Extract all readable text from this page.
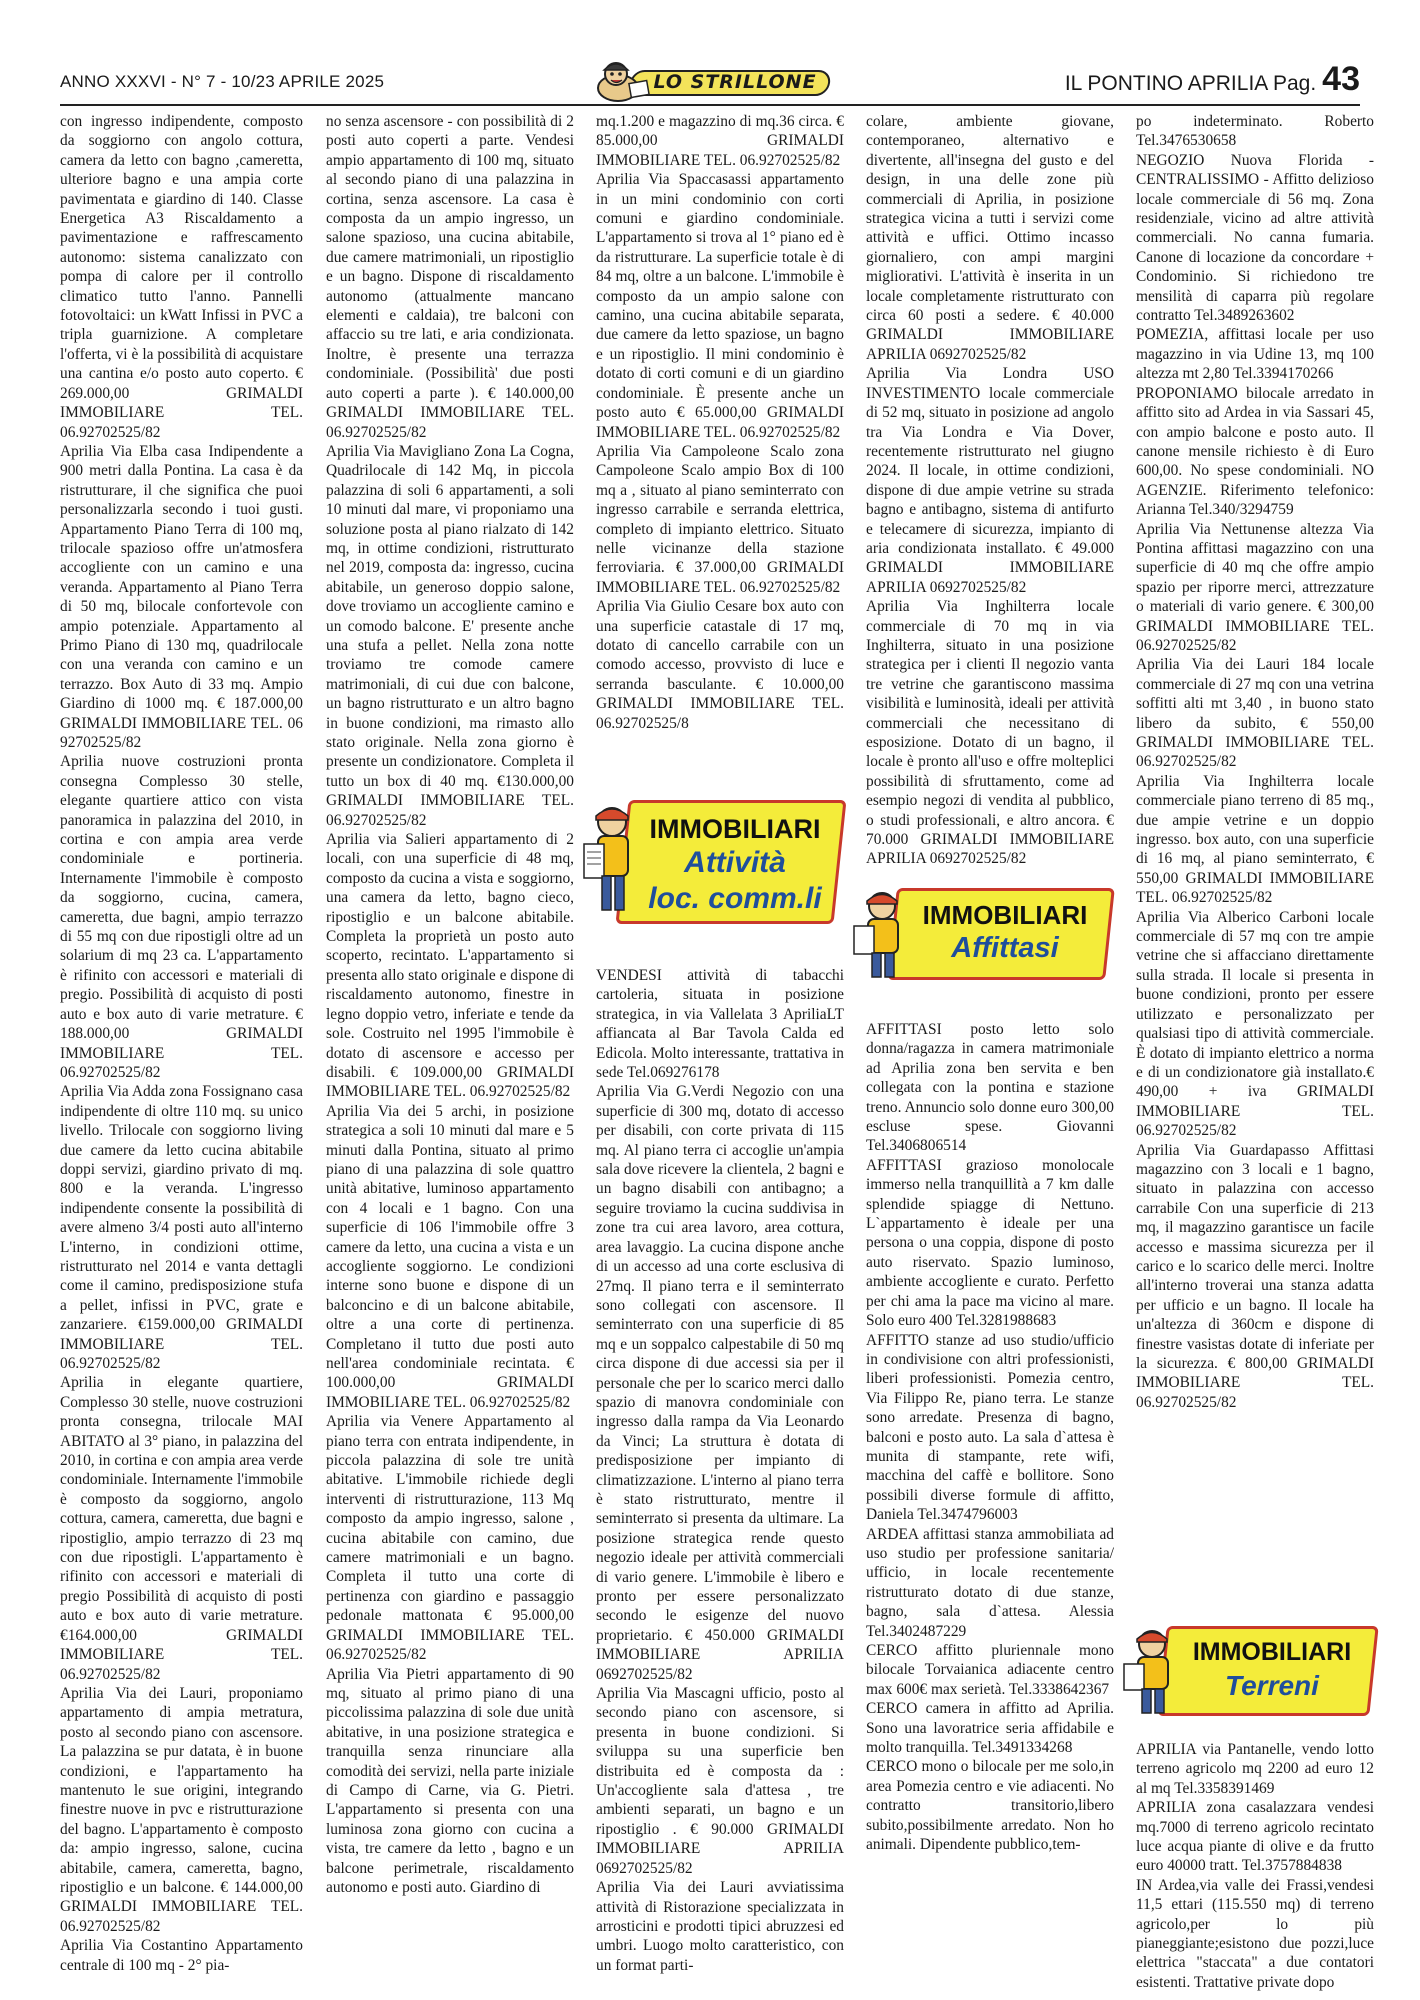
ANNO XXXVI - N° 7 - 10/23 APRILE 2025	LO STRILLONE	IL PONTINO APRILIA Pag. 43

con ingresso indipendente, composto da soggiorno con angolo cottura, camera da letto con bagno ,cameretta, ulteriore bagno e una ampia corte pavimentata e giardino di 140. Classe Energetica A3 Riscaldamento a pavimentazione e raffrescamento autonomo: sistema canalizzato con pompa di calore per il controllo climatico tutto l'anno. Pannelli fotovoltaici: un kWatt Infissi in PVC a tripla guarnizione. A completare l'offerta, vi è la possibilità di acquistare una cantina e/o posto auto coperto. € 269.000,00 GRIMALDI IMMOBILIARE TEL. 06.92702525/82

Aprilia Via Elba casa Indipendente a 900 metri dalla Pontina. La casa è da ristrutturare, il che significa che puoi personalizzarla secondo i tuoi gusti. Appartamento Piano Terra di 100 mq, trilocale spazioso offre un'atmosfera accogliente con un camino e una veranda. Appartamento al Piano Terra di 50 mq, bilocale confortevole con ampio potenziale. Appartamento al Primo Piano di 130 mq, quadrilocale con una veranda con camino e un terrazzo. Box Auto di 33 mq. Ampio Giardino di 1000 mq. € 187.000,00 GRIMALDI IMMOBILIARE TEL. 06 92702525/82

Aprilia nuove costruzioni pronta consegna Complesso 30 stelle, elegante quartiere attico con vista panoramica in palazzina del 2010, in cortina e con ampia area verde condominiale e portineria. Internamente l'immobile è composto da soggiorno, cucina, camera, cameretta, due bagni, ampio terrazzo di 55 mq con due ripostigli oltre ad un solarium di mq 23 ca. L'appartamento è rifinito con accessori e materiali di pregio. Possibilità di acquisto di posti auto e box auto di varie metrature. € 188.000,00 GRIMALDI IMMOBILIARE TEL. 06.92702525/82

Aprilia Via Adda zona Fossignano casa indipendente di oltre 110 mq. su unico livello. Trilocale con soggiorno living due camere da letto cucina abitabile doppi servizi, giardino privato di mq. 800 e la veranda. L'ingresso indipendente consente la possibilità di avere almeno 3/4 posti auto all'interno L'interno, in condizioni ottime, ristrutturato nel 2014 e vanta dettagli come il camino, predisposizione stufa a pellet, infissi in PVC, grate e zanzariere. €159.000,00 GRIMALDI IMMOBILIARE TEL. 06.92702525/82

Aprilia in elegante quartiere, Complesso 30 stelle, nuove costruzioni pronta consegna, trilocale MAI ABITATO al 3° piano, in palazzina del 2010, in cortina e con ampia area verde condominiale. Internamente l'immobile è composto da soggiorno, angolo cottura, camera, cameretta, due bagni e ripostiglio, ampio terrazzo di 23 mq con due ripostigli. L'appartamento è rifinito con accessori e materiali di pregio Possibilità di acquisto di posti auto e box auto di varie metrature. €164.000,00 GRIMALDI IMMOBILIARE TEL. 06.92702525/82

Aprilia Via dei Lauri, proponiamo appartamento di ampia metratura, posto al secondo piano con ascensore. La palazzina se pur datata, è in buone condizioni, e l'appartamento ha mantenuto le sue origini, integrando finestre nuove in pvc e ristrutturazione del bagno. L'appartamento è composto da: ampio ingresso, salone, cucina abitabile, camera, cameretta, bagno, ripostiglio e un balcone. € 144.000,00 GRIMALDI IMMOBILIARE TEL. 06.92702525/82

Aprilia Via Costantino Appartamento centrale di 100 mq - 2° pia-

no senza ascensore - con possibilità di 2 posti auto coperti a parte. Vendesi ampio appartamento di 100 mq, situato al secondo piano di una palazzina in cortina, senza ascensore. La casa è composta da un ampio ingresso, un salone spazioso, una cucina abitabile, due camere matrimoniali, un ripostiglio e un bagno. Dispone di riscaldamento autonomo (attualmente mancano elementi e caldaia), tre balconi con affaccio su tre lati, e aria condizionata. Inoltre, è presente una terrazza condominiale. (Possibilità' due posti auto coperti a parte ). € 140.000,00 GRIMALDI IMMOBILIARE TEL. 06.92702525/82

Aprilia Via Mavigliano Zona La Cogna, Quadrilocale di 142 Mq, in piccola palazzina di soli 6 appartamenti, a soli 10 minuti dal mare, vi proponiamo una soluzione posta al piano rialzato di 142 mq, in ottime condizioni, ristrutturato nel 2019, composta da: ingresso, cucina abitabile, un generoso doppio salone, dove troviamo un accogliente camino e un comodo balcone. E' presente anche una stufa a pellet. Nella zona notte troviamo tre comode camere matrimoniali, di cui due con balcone, un bagno ristrutturato e un altro bagno in buone condizioni, ma rimasto allo stato originale. Nella zona giorno è presente un condizionatore. Completa il tutto un box di 40 mq. €130.000,00 GRIMALDI IMMOBILIARE TEL. 06.92702525/82

Aprilia via Salieri appartamento di 2 locali, con una superficie di 48 mq, composto da cucina a vista e soggiorno, una camera da letto, bagno cieco, ripostiglio e un balcone abitabile. Completa la proprietà un posto auto scoperto, recintato. L'appartamento si presenta allo stato originale e dispone di riscaldamento autonomo, finestre in legno doppio vetro, inferiate e tende da sole. Costruito nel 1995 l'immobile è dotato di ascensore e accesso per disabili. € 109.000,00 GRIMALDI IMMOBILIARE TEL. 06.92702525/82

Aprilia Via dei 5 archi, in posizione strategica a soli 10 minuti dal mare e 5 minuti dalla Pontina, situato al primo piano di una palazzina di sole quattro unità abitative, luminoso appartamento con 4 locali e 1 bagno. Con una superficie di 106 l'immobile offre 3 camere da letto, una cucina a vista e un accogliente soggiorno. Le condizioni interne sono buone e dispone di un balconcino e di un balcone abitabile, oltre a una corte di pertinenza. Completano il tutto due posti auto nell'area condominiale recintata. € 100.000,00 GRIMALDI IMMOBILIARE TEL. 06.92702525/82

Aprilia via Venere Appartamento al piano terra con entrata indipendente, in piccola palazzina di sole tre unità abitative. L'immobile richiede degli interventi di ristrutturazione, 113 Mq composto da ampio ingresso, salone , cucina abitabile con camino, due camere matrimoniali e un bagno. Completa il tutto una corte di pertinenza con giardino e passaggio pedonale mattonata € 95.000,00 GRIMALDI IMMOBILIARE TEL. 06.92702525/82

Aprilia Via Pietri appartamento di 90 mq, situato al primo piano di una piccolissima palazzina di sole due unità abitative, in una posizione strategica e tranquilla senza rinunciare alla comodità dei servizi, nella parte iniziale di Campo di Carne, via G. Pietri. L'appartamento si presenta con una luminosa zona giorno con cucina a vista, tre camere da letto , bagno e un balcone perimetrale, riscaldamento autonomo e posti auto. Giardino di

mq.1.200 e magazzino di mq.36 circa. € 85.000,00 GRIMALDI IMMOBILIARE TEL. 06.92702525/82

Aprilia Via Spaccasassi appartamento in un mini condominio con corti comuni e giardino condominiale. L'appartamento si trova al 1° piano ed è da ristrutturare. La superficie totale è di 84 mq, oltre a un balcone. L'immobile è composto da un ampio salone con camino, una cucina abitabile separata, due camere da letto spaziose, un bagno e un ripostiglio. Il mini condominio è dotato di corti comuni e di un giardino condominiale. È presente anche un posto auto € 65.000,00 GRIMALDI IMMOBILIARE TEL. 06.92702525/82

Aprilia Via Campoleone Scalo zona Campoleone Scalo ampio Box di 100 mq a , situato al piano seminterrato con ingresso carrabile e serranda elettrica, completo di impianto elettrico. Situato nelle vicinanze della stazione ferroviaria. € 37.000,00 GRIMALDI IMMOBILIARE TEL. 06.92702525/82

Aprilia Via Giulio Cesare box auto con una superficie catastale di 17 mq, dotato di cancello carrabile con un comodo accesso, provvisto di luce e serranda basculante. € 10.000,00 GRIMALDI IMMOBILIARE TEL. 06.92702525/8

IMMOBILIARI
Attività
loc. comm.li

VENDESI attività di tabacchi cartoleria, situata in posizione strategica, in via Vallelata 3 ApriliaLT affiancata al Bar Tavola Calda ed Edicola. Molto interessante, trattativa in sede Tel.069276178

Aprilia Via G.Verdi Negozio con una superficie di 300 mq, dotato di accesso per disabili, con corte privata di 115 mq. Al piano terra ci accoglie un'ampia sala dove ricevere la clientela, 2 bagni e un bagno disabili con antibagno; a seguire troviamo la cucina suddivisa in zone tra cui area lavoro, area cottura, area lavaggio. La cucina dispone anche di un accesso ad una corte esclusiva di 27mq. Il piano terra e il seminterrato sono collegati con ascensore. Il seminterrato con una superficie di 85 mq e un soppalco calpestabile di 50 mq circa dispone di due accessi sia per il personale che per lo scarico merci dallo spazio di manovra condominiale con ingresso dalla rampa da Via Leonardo da Vinci; La struttura è dotata di predisposizione per impianto di climatizzazione. L'interno al piano terra è stato ristrutturato, mentre il seminterrato si presenta da ultimare. La posizione strategica rende questo negozio ideale per attività commerciali di vario genere. L'immobile è libero e pronto per essere personalizzato secondo le esigenze del nuovo proprietario. € 450.000 GRIMALDI IMMOBILIARE APRILIA 0692702525/82

Aprilia Via Mascagni ufficio, posto al secondo piano con ascensore, si presenta in buone condizioni. Si sviluppa su una superficie ben distribuita ed è composta da : Un'accogliente sala d'attesa , tre ambienti separati, un bagno e un ripostiglio . € 90.000 GRIMALDI IMMOBILIARE APRILIA 0692702525/82

Aprilia Via dei Lauri avviatissima attività di Ristorazione specializzata in arrosticini e prodotti tipici abruzzesi ed umbri. Luogo molto caratteristico, con un format parti-

colare, ambiente giovane, contemporaneo, alternativo e divertente, all'insegna del gusto e del design, in una delle zone più commerciali di Aprilia, in posizione strategica vicina a tutti i servizi come attività e uffici. Ottimo incasso giornaliero, con ampi margini migliorativi. L'attività è inserita in un locale completamente ristrutturato con circa 60 posti a sedere. € 40.000 GRIMALDI IMMOBILIARE APRILIA 0692702525/82

Aprilia Via Londra USO INVESTIMENTO locale commerciale di 52 mq, situato in posizione ad angolo tra Via Londra e Via Dover, recentemente ristrutturato nel giugno 2024. Il locale, in ottime condizioni, dispone di due ampie vetrine su strada bagno e antibagno, sistema di antifurto e telecamere di sicurezza, impianto di aria condizionata installato. € 49.000 GRIMALDI IMMOBILIARE APRILIA 0692702525/82

Aprilia Via Inghilterra locale commerciale di 70 mq in via Inghilterra, situato in una posizione strategica per i clienti Il negozio vanta tre vetrine che garantiscono massima visibilità e luminosità, ideali per attività commerciali che necessitano di esposizione. Dotato di un bagno, il locale è pronto all'uso e offre molteplici possibilità di sfruttamento, come ad esempio negozi di vendita al pubblico, o studi professionali, e altro ancora. € 70.000 GRIMALDI IMMOBILIARE APRILIA 0692702525/82

IMMOBILIARI
Affittasi

AFFITTASI posto letto solo donna/ragazza in camera matrimoniale ad Aprilia zona ben servita e ben collegata con la pontina e stazione treno. Annuncio solo donne euro 300,00 escluse spese. Giovanni Tel.3406806514

AFFITTASI grazioso monolocale immerso nella tranquillità a 7 km dalle splendide spiagge di Nettuno. L`appartamento è ideale per una persona o una coppia, dispone di posto auto riservato. Spazio luminoso, ambiente accogliente e curato. Perfetto per chi ama la pace ma vicino al mare. Solo euro 400 Tel.3281988683

AFFITTO stanze ad uso studio/ufficio in condivisione con altri professionisti, liberi professionisti. Pomezia centro, Via Filippo Re, piano terra. Le stanze sono arredate. Presenza di bagno, balconi e posto auto. La sala d`attesa è munita di stampante, rete wifi, macchina del caffè e bollitore. Sono possibili diverse formule di affitto, Daniela Tel.3474796003

ARDEA affittasi stanza ammobiliata ad uso studio per professione sanitaria/ ufficio, in locale recentemente ristrutturato dotato di due stanze, bagno, sala d`attesa. Alessia Tel.3402487229

CERCO affitto pluriennale mono bilocale Torvaianica adiacente centro max 600€ max serietà. Tel.3338642367

CERCO camera in affitto ad Aprilia. Sono una lavoratrice seria affidabile e molto tranquilla. Tel.3491334268

CERCO mono o bilocale per me solo,in area Pomezia centro e vie adiacenti. No contratto transitorio,libero subito,possibilmente arredato. Non ho animali. Dipendente pubblico,tem-

po indeterminato. Roberto Tel.3476530658

NEGOZIO Nuova Florida - CENTRALISSIMO - Affitto delizioso locale commerciale di 56 mq. Zona residenziale, vicino ad altre attività commerciali. No canna fumaria. Canone di locazione da concordare + Condominio. Si richiedono tre mensilità di caparra più regolare contratto Tel.3489263602

POMEZIA, affittasi locale per uso magazzino in via Udine 13, mq 100 altezza mt 2,80 Tel.3394170266

PROPONIAMO bilocale arredato in affitto sito ad Ardea in via Sassari 45, con ampio balcone e posto auto. Il canone mensile richiesto è di Euro 600,00. No spese condominiali. NO AGENZIE. Riferimento telefonico: Arianna Tel.340/3294759

Aprilia Via Nettunense altezza Via Pontina affittasi magazzino con una superficie di 40 mq che offre ampio spazio per riporre merci, attrezzature o materiali di vario genere. € 300,00 GRIMALDI IMMOBILIARE TEL. 06.92702525/82

Aprilia Via dei Lauri 184 locale commerciale di 27 mq con una vetrina soffitti alti mt 3,40 , in buono stato libero da subito, € 550,00 GRIMALDI IMMOBILIARE TEL. 06.92702525/82

Aprilia Via Inghilterra locale commerciale piano terreno di 85 mq., due ampie vetrine e un doppio ingresso. box auto, con una superficie di 16 mq, al piano seminterrato, € 550,00 GRIMALDI IMMOBILIARE TEL. 06.92702525/82

Aprilia Via Alberico Carboni locale commerciale di 57 mq con tre ampie vetrine che si affacciano direttamente sulla strada. Il locale si presenta in buone condizioni, pronto per essere utilizzato e personalizzato per qualsiasi tipo di attività commerciale. È dotato di impianto elettrico a norma e di un condizionatore già installato.€ 490,00 + iva GRIMALDI IMMOBILIARE TEL. 06.92702525/82

Aprilia Via Guardapasso Affittasi magazzino con 3 locali e 1 bagno, situato in palazzina con accesso carrabile Con una superficie di 213 mq, il magazzino garantisce un facile accesso e massima sicurezza per il carico e lo scarico delle merci. Inoltre all'interno troverai una stanza adatta per ufficio e un bagno. Il locale ha un'altezza di 360cm e dispone di finestre vasistas dotate di inferiate per la sicurezza. € 800,00 GRIMALDI IMMOBILIARE TEL. 06.92702525/82

IMMOBILIARI
Terreni

APRILIA via Pantanelle, vendo lotto terreno agricolo mq 2200 ad euro 12 al mq Tel.3358391469

APRILIA zona casalazzara vendesi mq.7000 di terreno agricolo recintato luce acqua piante di olive e da frutto euro 40000 tratt. Tel.3757884838

IN Ardea,via valle dei Frassi,vendesi 11,5 ettari (115.550 mq) di terreno agricolo,per lo più pianeggiante;esistono due pozzi,luce elettrica "staccata" a due contatori esistenti. Trattative private dopo
